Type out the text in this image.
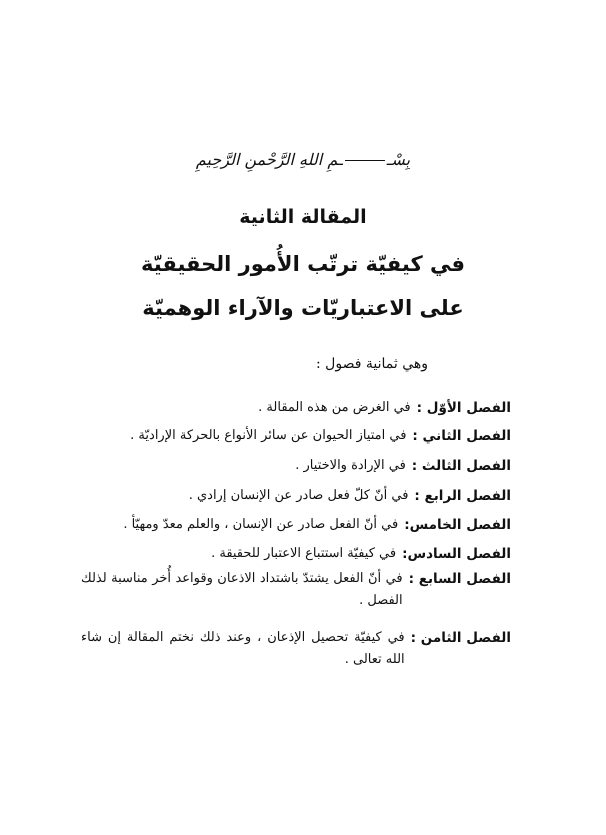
بِسْــمِ اللهِ الرَّحْمنِ الرَّحِيمِ
المقالة الثانية
في كيفيّة ترتّب الأُمور الحقيقيّة
على الاعتباريّات والآراء الوهميّة
وهي ثمانية فصول :
الفصل الأوّل :
في الغرض من هذه المقالة .
الفصل الثاني :
في امتياز الحيوان عن سائر الأنواع بالحركة الإراديّة .
الفصل الثالث :
في الإرادة والاختيار .
الفصل الرابع :
في أنّ كلّ فعل صادر عن الإنسان إرادي .
الفصل الخامس:
في أنّ الفعل صادر عن الإنسان ، والعلم معدّ ومهيّأ .
الفصل السادس:
في كيفيّة استتباع الاعتبار للحقيقة .
الفصل السابع :
في أنّ الفعل يشتدّ باشتداد الاذعان وقواعد أُخر مناسبة لذلك الفصل .
الفصل الثامن :
في كيفيّة تحصيل الإذعان ، وعند ذلك نختم المقالة إن شاء الله تعالى .
